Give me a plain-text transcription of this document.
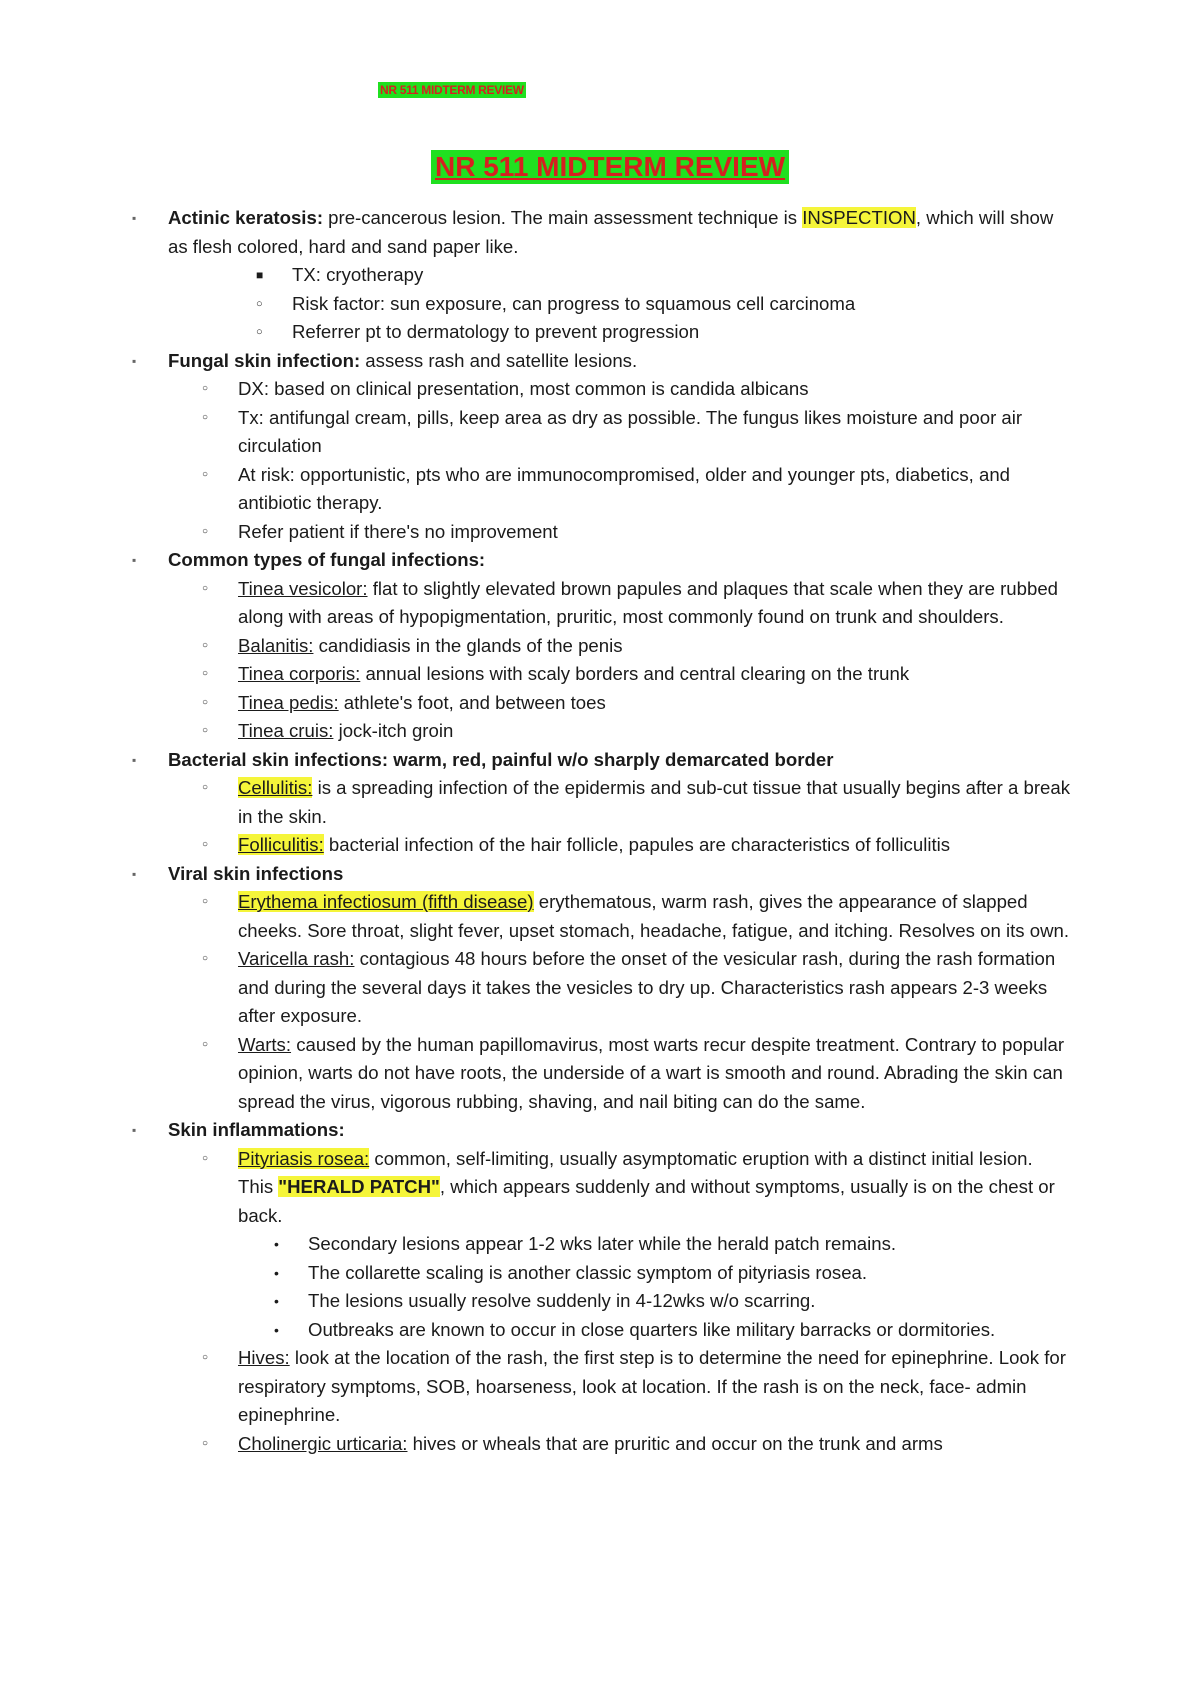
NR 511 MIDTERM REVIEW
NR 511 MIDTERM REVIEW
▪ Actinic keratosis: pre-cancerous lesion. The main assessment technique is INSPECTION, which will show as flesh colored, hard and sand paper like.
■ TX: cryotherapy
○ Risk factor: sun exposure, can progress to squamous cell carcinoma
○ Referrer pt to dermatology to prevent progression
▪ Fungal skin infection: assess rash and satellite lesions.
○ DX: based on clinical presentation, most common is candida albicans
○ Tx: antifungal cream, pills, keep area as dry as possible. The fungus likes moisture and poor air circulation
○ At risk: opportunistic, pts who are immunocompromised, older and younger pts, diabetics, and antibiotic therapy.
○ Refer patient if there's no improvement
▪ Common types of fungal infections:
○ Tinea vesicolor: flat to slightly elevated brown papules and plaques that scale when they are rubbed along with areas of hypopigmentation, pruritic, most commonly found on trunk and shoulders.
○ Balanitis: candidiasis in the glands of the penis
○ Tinea corporis: annual lesions with scaly borders and central clearing on the trunk
○ Tinea pedis: athlete's foot, and between toes
○ Tinea cruis: jock-itch groin
▪ Bacterial skin infections: warm, red, painful w/o sharply demarcated border
○ Cellulitis: is a spreading infection of the epidermis and sub-cut tissue that usually begins after a break in the skin.
○ Folliculitis: bacterial infection of the hair follicle, papules are characteristics of folliculitis
▪ Viral skin infections
○ Erythema infectiosum (fifth disease) erythematous, warm rash, gives the appearance of slapped cheeks. Sore throat, slight fever, upset stomach, headache, fatigue, and itching. Resolves on its own.
○ Varicella rash: contagious 48 hours before the onset of the vesicular rash, during the rash formation and during the several days it takes the vesicles to dry up. Characteristics rash appears 2-3 weeks after exposure.
○ Warts: caused by the human papillomavirus, most warts recur despite treatment. Contrary to popular opinion, warts do not have roots, the underside of a wart is smooth and round. Abrading the skin can spread the virus, vigorous rubbing, shaving, and nail biting can do the same.
▪ Skin inflammations:
○ Pityriasis rosea: common, self-limiting, usually asymptomatic eruption with a distinct initial lesion. This "HERALD PATCH", which appears suddenly and without symptoms, usually is on the chest or back.
• Secondary lesions appear 1-2 wks later while the herald patch remains.
• The collarette scaling is another classic symptom of pityriasis rosea.
• The lesions usually resolve suddenly in 4-12wks w/o scarring.
• Outbreaks are known to occur in close quarters like military barracks or dormitories.
○ Hives: look at the location of the rash, the first step is to determine the need for epinephrine. Look for respiratory symptoms, SOB, hoarseness, look at location. If the rash is on the neck, face- admin epinephrine.
○ Cholinergic urticaria: hives or wheals that are pruritic and occur on the trunk and arms
